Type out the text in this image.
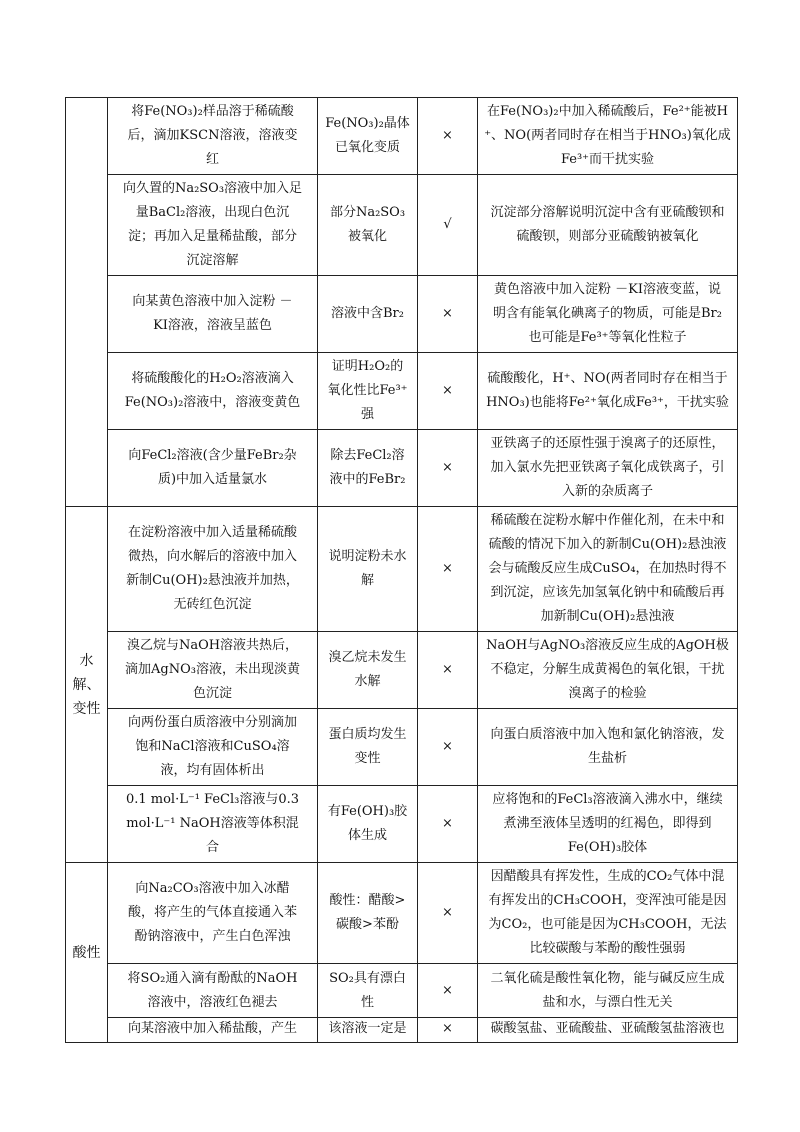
	将Fe(NO₃)₂样品溶于稀硫酸
后，滴加KSCN溶液，溶液变
红	Fe(NO₃)₂晶体
已氧化变质	×	在Fe(NO₃)₂中加入稀硫酸后，Fe²⁺能被H
⁺、NO(两者同时存在相当于HNO₃)氧化成
Fe³⁺而干扰实验
	向久置的Na₂SO₃溶液中加入足
量BaCl₂溶液，出现白色沉
淀；再加入足量稀盐酸，部分
沉淀溶解	部分Na₂SO₃
被氧化	√	沉淀部分溶解说明沉淀中含有亚硫酸钡和
硫酸钡，则部分亚硫酸钠被氧化
	向某黄色溶液中加入淀粉 －
KI溶液，溶液呈蓝色	溶液中含Br₂	×	黄色溶液中加入淀粉 －KI溶液变蓝，说
明含有能氧化碘离子的物质，可能是Br₂
也可能是Fe³⁺等氧化性粒子
	将硫酸酸化的H₂O₂溶液滴入
Fe(NO₃)₂溶液中，溶液变黄色	证明H₂O₂的
氧化性比Fe³⁺
强	×	硫酸酸化，H⁺、NO(两者同时存在相当于
HNO₃)也能将Fe²⁺氧化成Fe³⁺，干扰实验
	向FeCl₂溶液(含少量FeBr₂杂
质)中加入适量氯水	除去FeCl₂溶
液中的FeBr₂	×	亚铁离子的还原性强于溴离子的还原性，
加入氯水先把亚铁离子氧化成铁离子，引
入新的杂质离子
水
解、
变性	在淀粉溶液中加入适量稀硫酸
微热，向水解后的溶液中加入
新制Cu(OH)₂悬浊液并加热，
无砖红色沉淀	说明淀粉未水
解	×	稀硫酸在淀粉水解中作催化剂，在未中和
硫酸的情况下加入的新制Cu(OH)₂悬浊液
会与硫酸反应生成CuSO₄，在加热时得不
到沉淀，应该先加氢氧化钠中和硫酸后再
加新制Cu(OH)₂悬浊液
	溴乙烷与NaOH溶液共热后，
滴加AgNO₃溶液，未出现淡黄
色沉淀	溴乙烷未发生
水解	×	NaOH与AgNO₃溶液反应生成的AgOH极
不稳定，分解生成黄褐色的氧化银，干扰
溴离子的检验
	向两份蛋白质溶液中分别滴加
饱和NaCl溶液和CuSO₄溶
液，均有固体析出	蛋白质均发生
变性	×	向蛋白质溶液中加入饱和氯化钠溶液，发
生盐析
	0.1 mol·L⁻¹ FeCl₃溶液与0.3
mol·L⁻¹ NaOH溶液等体积混
合	有Fe(OH)₃胶
体生成	×	应将饱和的FeCl₃溶液滴入沸水中，继续
煮沸至液体呈透明的红褐色，即得到
Fe(OH)₃胶体
酸性	向Na₂CO₃溶液中加入冰醋
酸，将产生的气体直接通入苯
酚钠溶液中，产生白色浑浊	酸性：醋酸>
碳酸>苯酚	×	因醋酸具有挥发性，生成的CO₂气体中混
有挥发出的CH₃COOH，变浑浊可能是因
为CO₂，也可能是因为CH₃COOH，无法
比较碳酸与苯酚的酸性强弱
	将SO₂通入滴有酚酞的NaOH
溶液中，溶液红色褪去	SO₂具有漂白
性	×	二氧化硫是酸性氧化物，能与碱反应生成
盐和水，与漂白性无关
	向某溶液中加入稀盐酸，产生	该溶液一定是	×	碳酸氢盐、亚硫酸盐、亚硫酸氢盐溶液也
